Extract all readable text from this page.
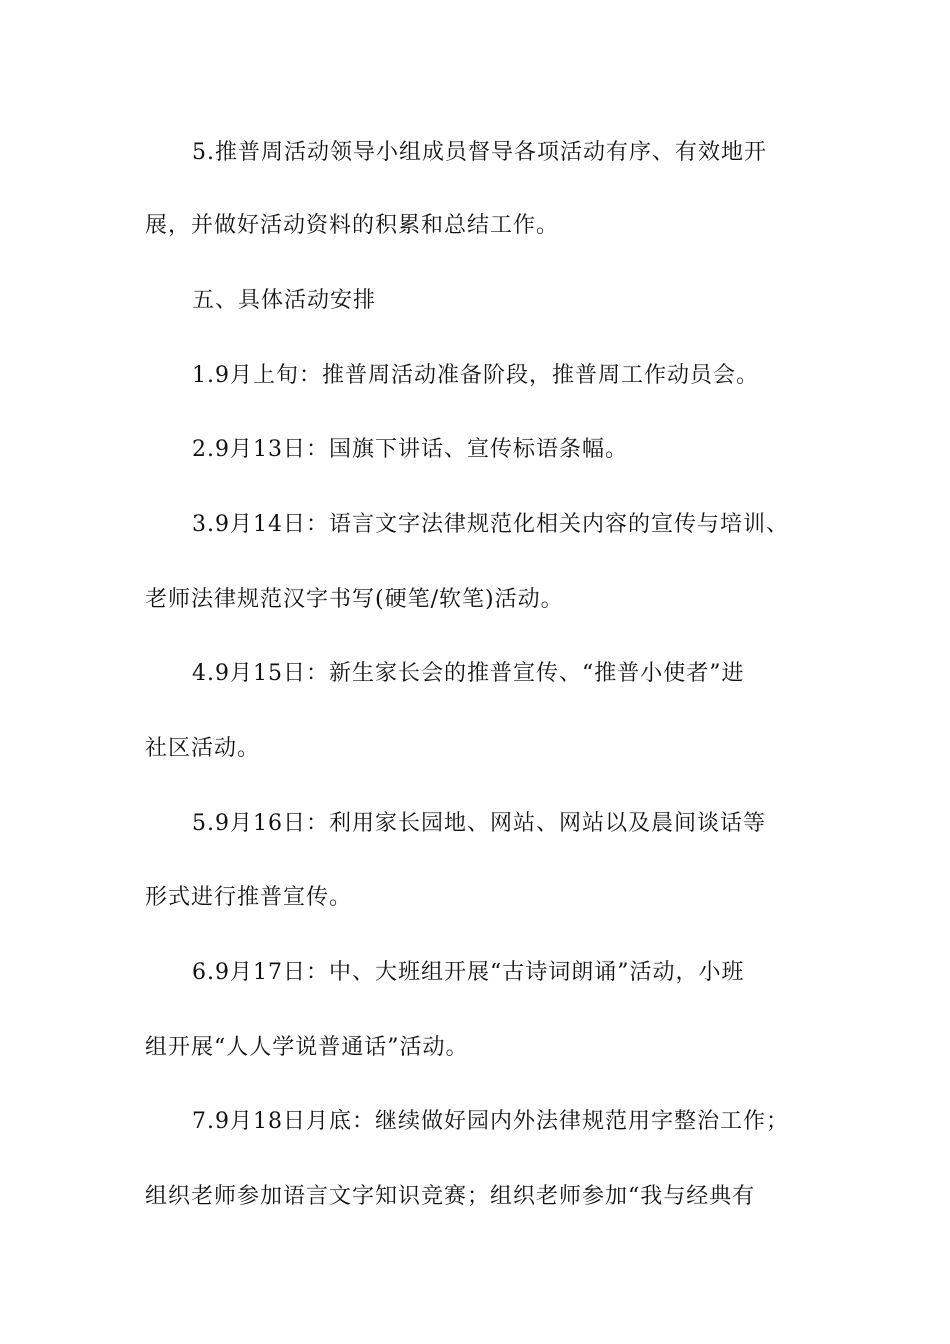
5.推普周活动领导小组成员督导各项活动有序、有效地开
展，并做好活动资料的积累和总结工作。
五、具体活动安排
1.9月上旬：推普周活动准备阶段，推普周工作动员会。
2.9月13日：国旗下讲话、宣传标语条幅。
3.9月14日：语言文字法律规范化相关内容的宣传与培训、
老师法律规范汉字书写(硬笔/软笔)活动。
4.9月15日：新生家长会的推普宣传、“推普小使者”进
社区活动。
5.9月16日：利用家长园地、网站、网站以及晨间谈话等
形式进行推普宣传。
6.9月17日：中、大班组开展“古诗词朗诵”活动，小班
组开展“人人学说普通话”活动。
7.9月18日月底：继续做好园内外法律规范用字整治工作；
组织老师参加语言文字知识竞赛；组织老师参加“我与经典有
